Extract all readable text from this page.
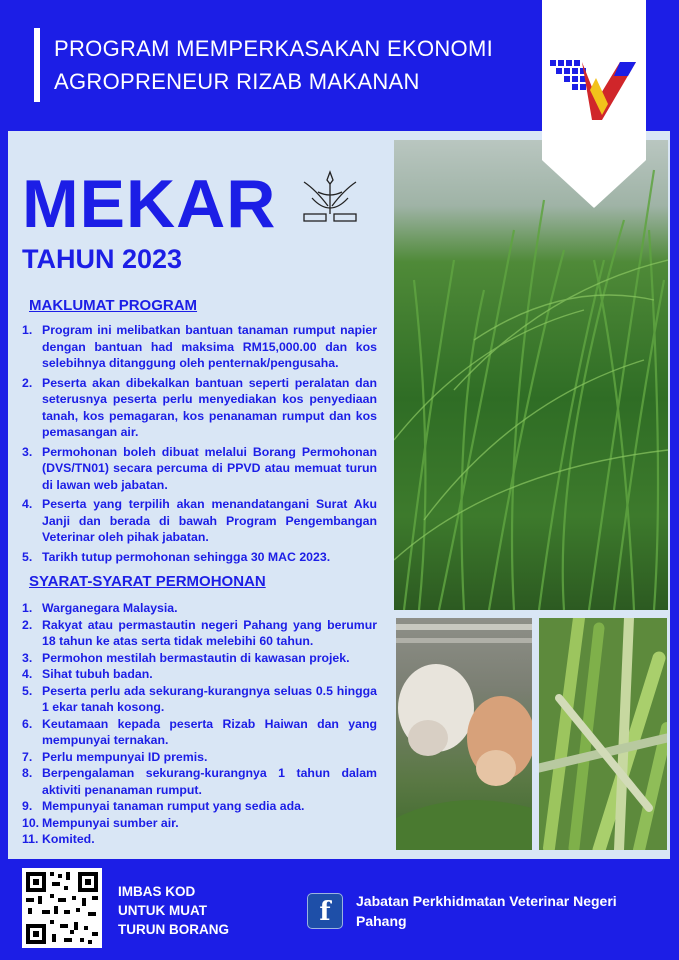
PROGRAM MEMPERKASAKAN EKONOMI
AGROPRENEUR RIZAB MAKANAN
MEKAR
TAHUN 2023
MAKLUMAT PROGRAM
1. Program ini melibatkan bantuan tanaman rumput napier dengan bantuan had maksima RM15,000.00 dan kos selebihnya ditanggung oleh penternak/pengusaha.
2. Peserta akan dibekalkan bantuan seperti peralatan dan seterusnya peserta perlu menyediakan kos penyediaan tanah, kos pemagaran, kos penanaman rumput dan kos pemasangan air.
3. Permohonan boleh dibuat melalui Borang Permohonan (DVS/TN01) secara percuma di PPVD atau memuat turun di lawan web jabatan.
4. Peserta yang terpilih akan menandatangani Surat Aku Janji dan berada di bawah Program Pengembangan Veterinar oleh pihak jabatan.
5. Tarikh tutup permohonan sehingga 30 MAC 2023.
SYARAT-SYARAT PERMOHONAN
1. Warganegara Malaysia.
2. Rakyat atau permastautin negeri Pahang yang berumur 18 tahun ke atas serta tidak melebihi 60 tahun.
3. Permohon mestilah bermastautin di kawasan projek.
4. Sihat tubuh badan.
5. Peserta perlu ada sekurang-kurangnya seluas 0.5 hingga 1 ekar tanah kosong.
6. Keutamaan kepada peserta Rizab Haiwan dan yang mempunyai ternakan.
7. Perlu mempunyai ID premis.
8. Berpengalaman sekurang-kurangnya 1 tahun dalam aktiviti penanaman rumput.
9. Mempunyai tanaman rumput yang sedia ada.
10. Mempunyai sumber air.
11. Komited.
IMBAS KOD
UNTUK MUAT
TURUN BORANG
f	Jabatan Perkhidmatan Veterinar Negeri
Pahang
